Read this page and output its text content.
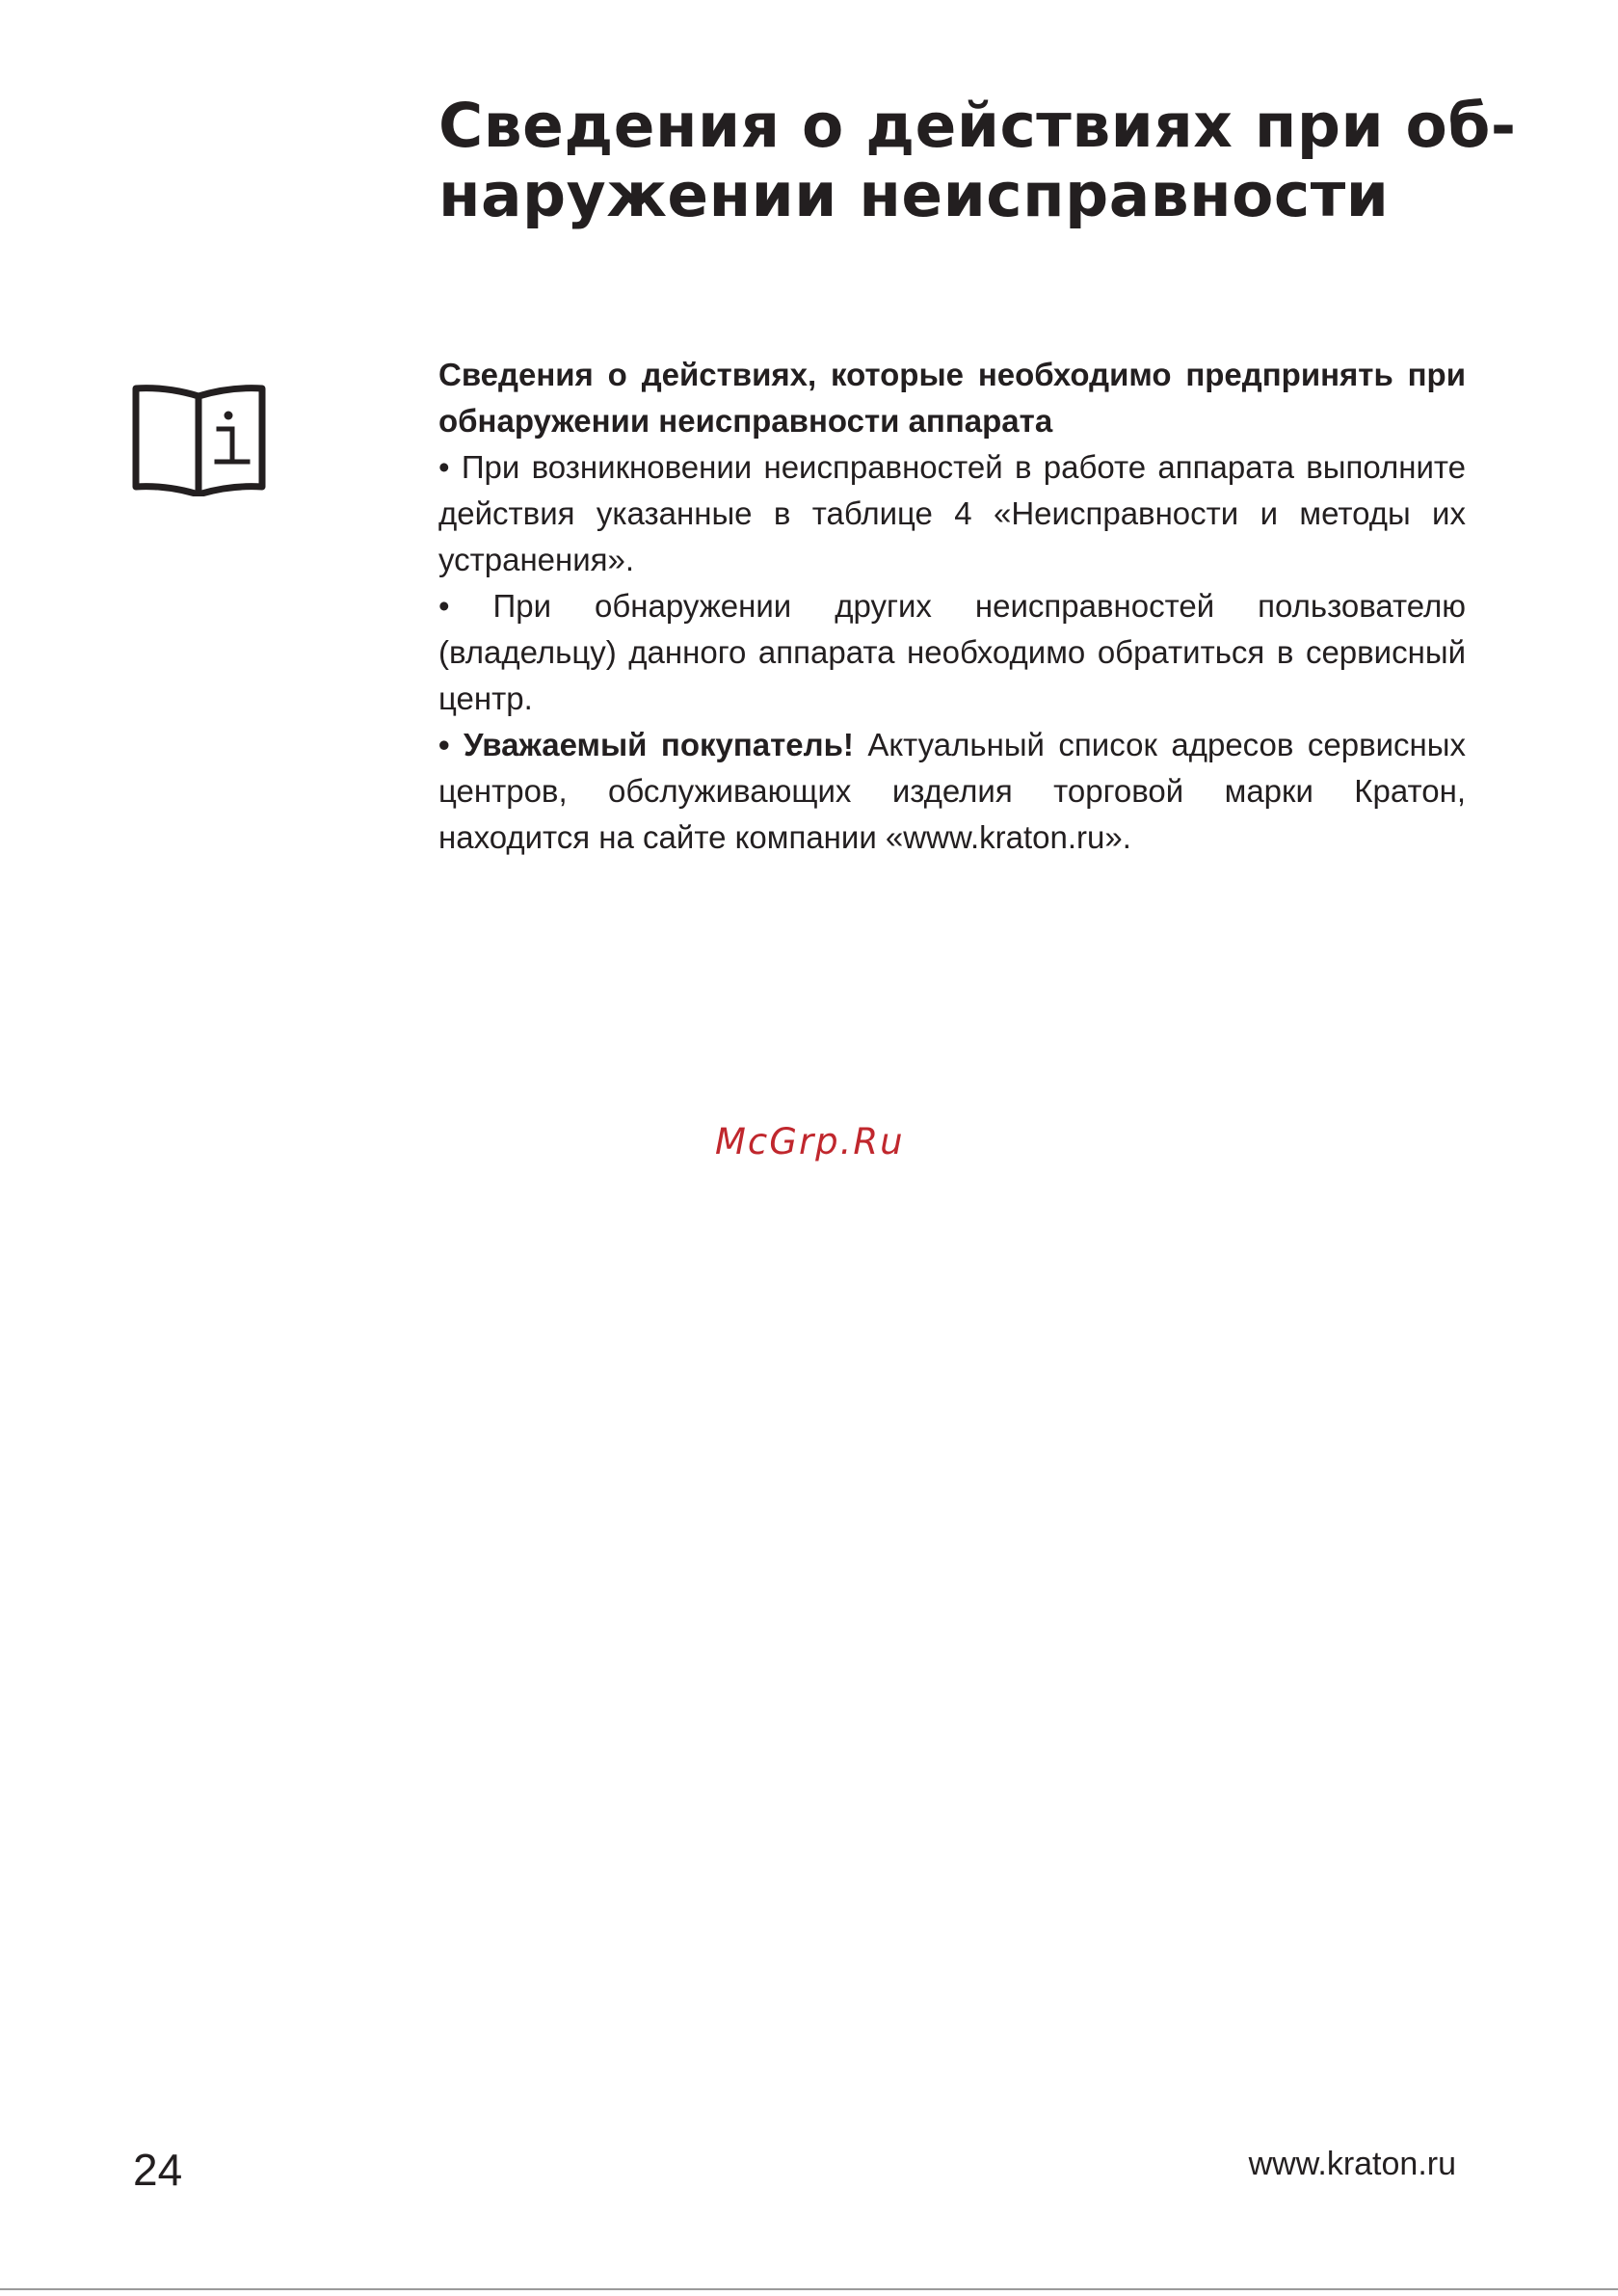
Сведения о действиях при об-
наружении неисправности

Сведения о действиях, которые необходимо предпринять при обнаружении неисправности аппарата

• При возникновении неисправностей в работе аппарата выполните действия указанные в таблице 4 «Неисправности и методы их устранения».

• При обнаружении других неисправностей пользователю (владельцу) данного аппарата необходимо обратиться в сервисный центр.

• Уважаемый покупатель! Актуальный список адресов сервисных центров, обслуживающих изделия торговой марки Кратон, находится на сайте компании «www.kraton.ru».

McGrp.Ru
24	www.kraton.ru
